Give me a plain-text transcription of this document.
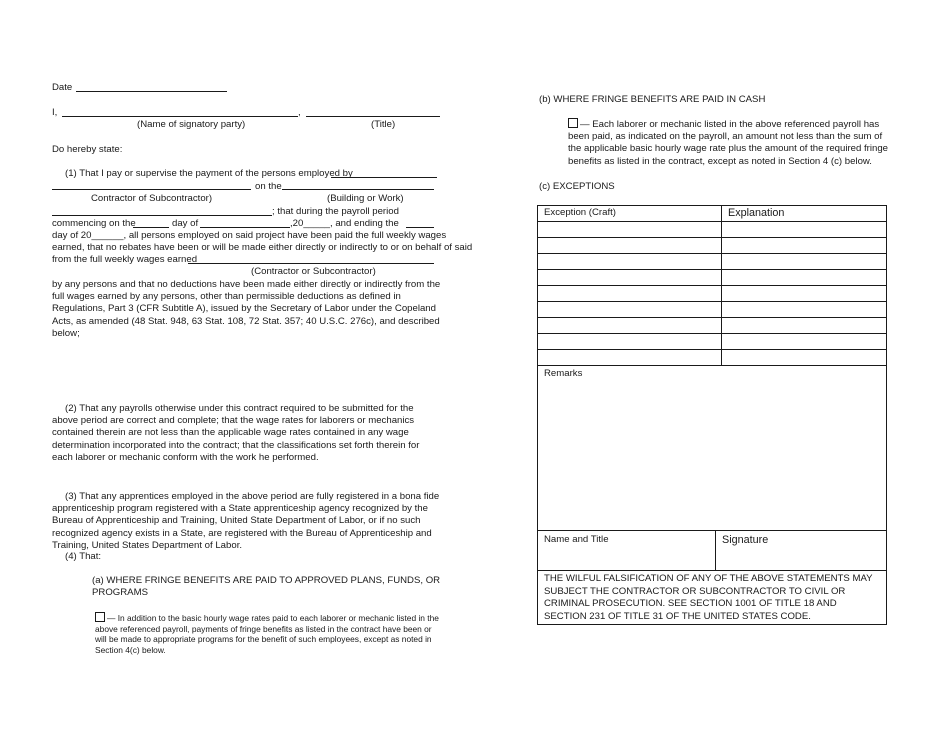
Date
I,	,
(Name of signatory party)	(Title)
Do hereby state:
(1) That I pay or supervise the payment of the persons employed by
on the
Contractor of Subcontractor)	(Building or Work)
; that during the payroll period
commencing on the	day of	,20_____, and ending the
day of 20______, all persons employed on said project have been paid the full weekly wages
earned, that no rebates have been or will be made either directly or indirectly to or on behalf of said
from the full weekly wages earned
(Contractor or Subcontractor)
by any persons and that no deductions have been made either directly or indirectly from the full wages earned by any persons, other than permissible deductions as defined in Regulations, Part 3 (CFR Subtitle A), issued by the Secretary of Labor under the Copeland Acts, as amended (48 Stat. 948, 63 Stat. 108, 72 Stat. 357; 40 U.S.C. 276c), and described below;
(2) That any payrolls otherwise under this contract required to be submitted for the above period are correct and complete; that the wage rates for laborers or mechanics contained therein are not less than the applicable wage rates contained in any wage determination incorporated into the contract; that the classifications set forth therein for each laborer or mechanic conform with the work he performed.
(3) That any apprentices employed in the above period are fully registered in a bona fide apprenticeship program registered with a State apprenticeship agency recognized by the Bureau of Apprenticeship and Training, United State Department of Labor, or if no such recognized agency exists in a State, are registered with the Bureau of Apprenticeship and Training, United States Department of Labor.
(4) That:
(a) WHERE FRINGE BENEFITS ARE PAID TO APPROVED PLANS, FUNDS, OR PROGRAMS
— In addition to the basic hourly wage rates paid to each laborer or mechanic listed in the above referenced payroll, payments of fringe benefits as listed in the contract have been or will be made to appropriate programs for the benefit of such employees, except as noted in Section 4(c) below.
(b) WHERE FRINGE BENEFITS ARE PAID IN CASH
— Each laborer or mechanic listed in the above referenced payroll has been paid, as indicated on the payroll, an amount not less than the sum of the applicable basic hourly wage rate plus the amount of the required fringe benefits as listed in the contract, except as noted in Section 4 (c) below.
(c) EXCEPTIONS
Exception (Craft)	Explanation

Remarks
Name and Title	Signature
THE WILFUL FALSIFICATION OF ANY OF THE ABOVE STATEMENTS MAY SUBJECT THE CONTRACTOR OR SUBCONTRACTOR TO CIVIL OR CRIMINAL PROSECUTION. SEE SECTION 1001 OF TITLE 18 AND SECTION 231 OF TITLE 31 OF THE UNITED STATES CODE.
